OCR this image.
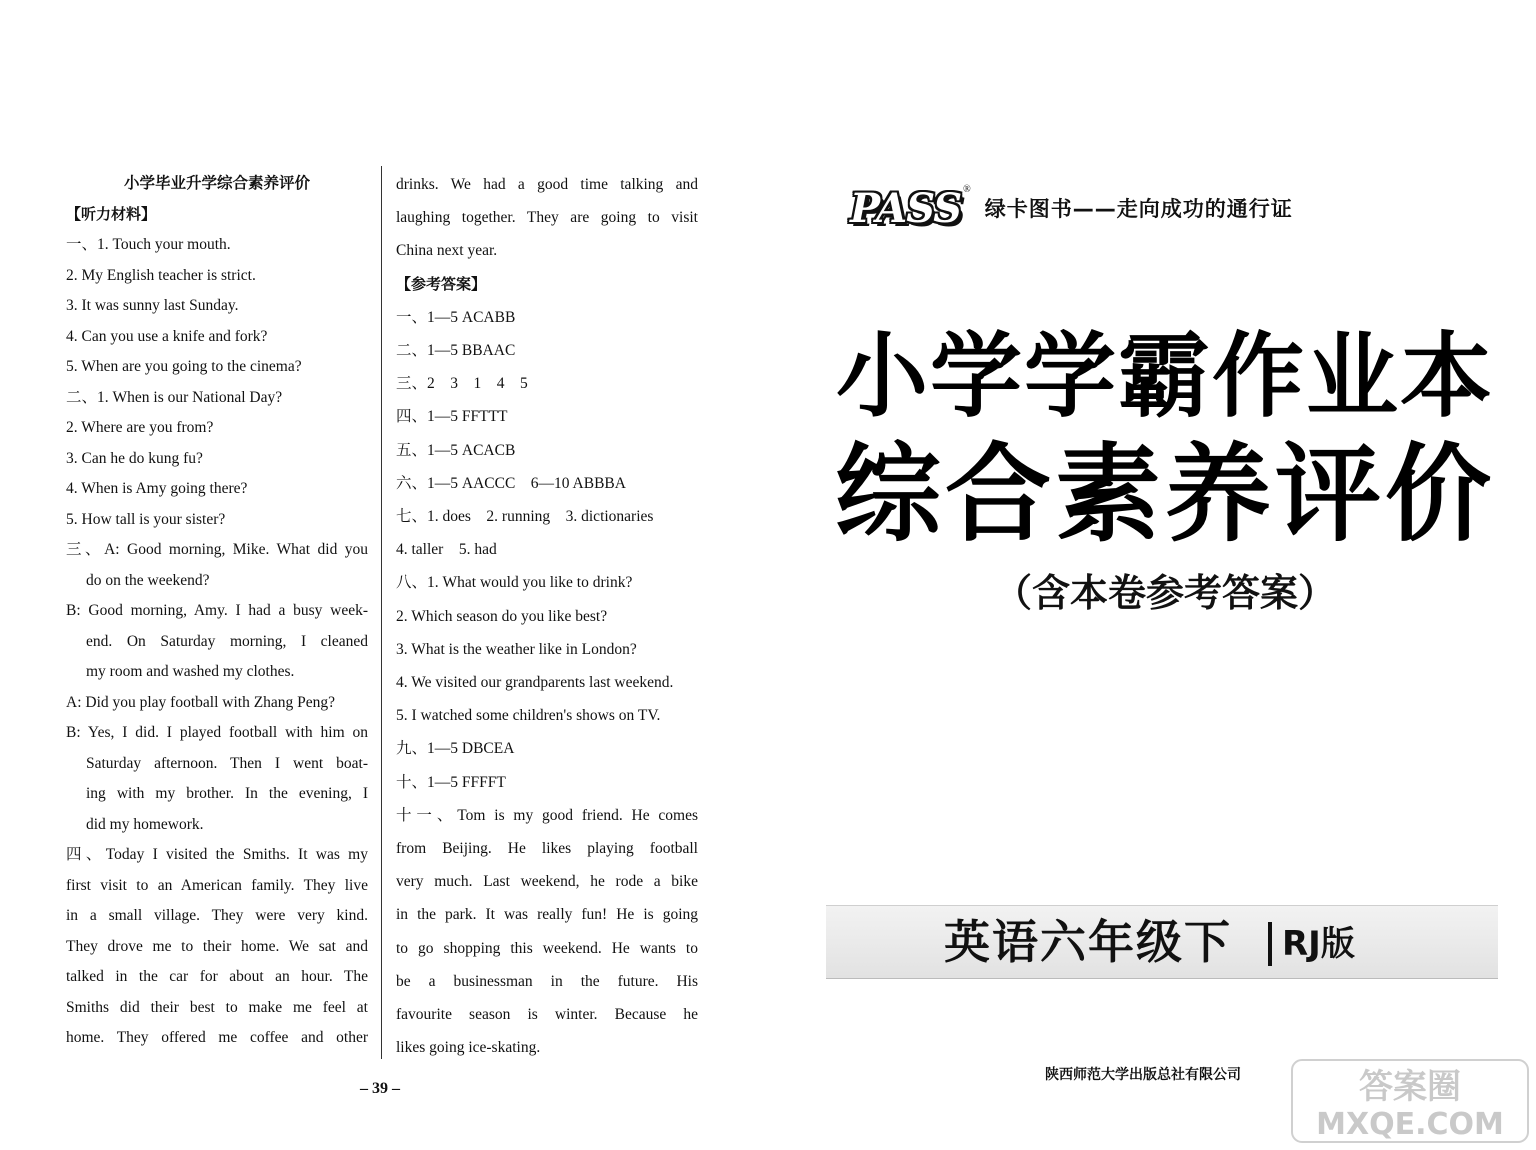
小学毕业升学综合素养评价
【听力材料】
一、1. Touch your mouth.
2. My English teacher is strict.
3. It was sunny last Sunday.
4. Can you use a knife and fork?
5. When are you going to the cinema?
二、1. When is our National Day?
2. Where are you from?
3. Can he do kung fu?
4. When is Amy going there?
5. How tall is your sister?
三、A: Good morning, Mike. What did you
do on the weekend?
B: Good morning, Amy. I had a busy week-
end. On Saturday morning, I cleaned
my room and washed my clothes.
A: Did you play football with Zhang Peng?
B: Yes, I did. I played football with him on
Saturday afternoon. Then I went boat-
ing with my brother. In the evening, I
did my homework.
四、Today I visited the Smiths. It was my
first visit to an American family. They live
in a small village. They were very kind.
They drove me to their home. We sat and
talked in the car for about an hour. The
Smiths did their best to make me feel at
home. They offered me coffee and other
drinks. We had a good time talking and
laughing together. They are going to visit
China next year.
【参考答案】
一、1—5 ACABB
二、1—5 BBAAC
三、2　3　1　4　5
四、1—5 FFTTT
五、1—5 ACACB
六、1—5 AACCC　6—10 ABBBA
七、1. does　2. running　3. dictionaries
4. taller　5. had
八、1. What would you like to drink?
2. Which season do you like best?
3. What is the weather like in London?
4. We visited our grandparents last weekend.
5. I watched some children's shows on TV.
九、1—5 DBCEA
十、1—5 FFFFT
十一、Tom is my good friend. He comes
from Beijing. He likes playing football
very much. Last weekend, he rode a bike
in the park. It was really fun! He is going
to go shopping this weekend. He wants to
be a businessman in the future. His
favourite season is winter. Because he
likes going ice-skating.
– 39 –
PASS ®
绿卡图书——走向成功的通行证
小学学霸作业本
综合素养评价
（含本卷参考答案）
英语六年级下 RJ版
陕西师范大学出版总社有限公司	答案圈
MXQE.COM
